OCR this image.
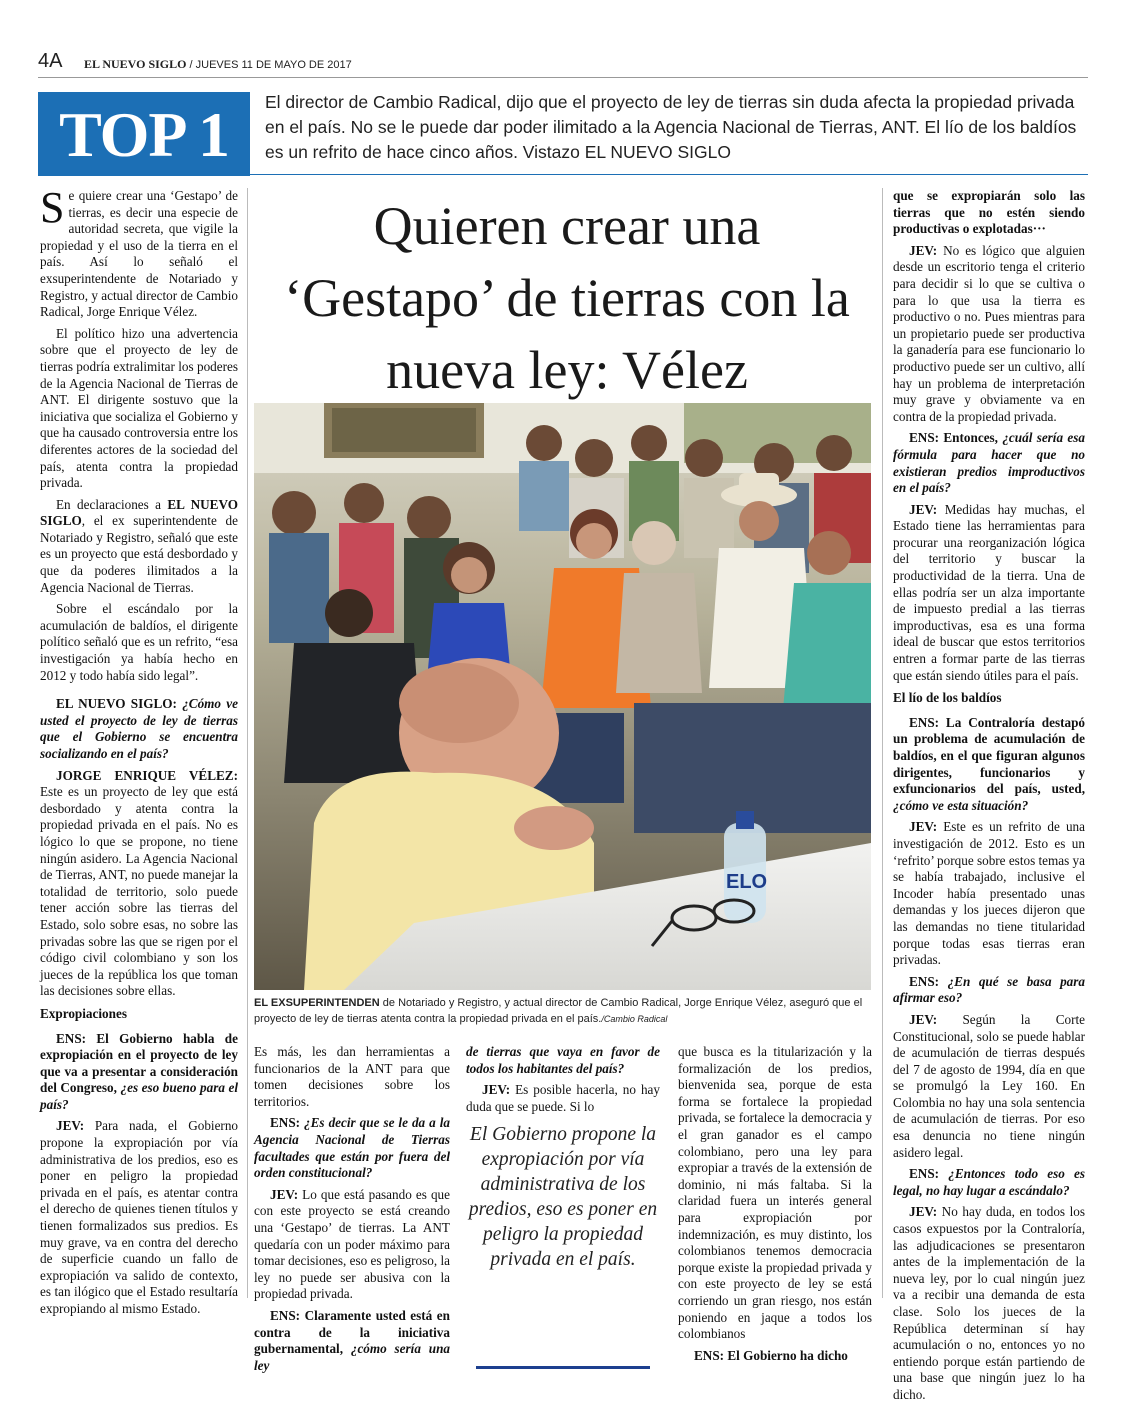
4A EL NUEVO SIGLO / JUEVES 11 DE MAYO DE 2017
TOP 1	El director de Cambio Radical, dijo que el proyecto de ley de tierras sin duda afecta la propiedad privada en el país. No se le puede dar poder ilimitado a la Agencia Nacional de Tierras, ANT. El lío de los baldíos es un refrito de hace cinco años. Vistazo EL NUEVO SIGLO

Se quiere crear una ‘Gestapo’ de tierras, es decir una especie de autoridad secreta, que vigile la propiedad y el uso de la tierra en el país. Así lo señaló el exsuperintendente de Notariado y Registro, y actual director de Cambio Radical, Jorge Enrique Vélez.

El político hizo una advertencia sobre que el proyecto de ley de tierras podría extralimitar los poderes de la Agencia Nacional de Tierras de ANT. El dirigente sostuvo que la iniciativa que socializa el Gobierno y que ha causado controversia entre los diferentes actores de la sociedad del país, atenta contra la propiedad privada.

En declaraciones a EL NUEVO SIGLO, el ex superintendente de Notariado y Registro, señaló que este es un proyecto que está desbordado y que da poderes ilimitados a la Agencia Nacional de Tierras.

Sobre el escándalo por la acumulación de baldíos, el dirigente político señaló que es un refrito, “esa investigación ya había hecho en 2012 y todo había sido legal”.

EL NUEVO SIGLO: ¿Cómo ve usted el proyecto de ley de tierras que el Gobierno se encuentra socializando en el país?

JORGE ENRIQUE VÉLEZ: Este es un proyecto de ley que está desbordado y atenta contra la propiedad privada en el país. No es lógico lo que se propone, no tiene ningún asidero. La Agencia Nacional de Tierras, ANT, no puede manejar la totalidad de territorio, solo puede tener acción sobre las tierras del Estado, solo sobre esas, no sobre las privadas sobre las que se rigen por el código civil colombiano y son los jueces de la república los que toman las decisiones sobre ellas.

Expropiaciones

ENS: El Gobierno habla de expropiación en el proyecto de ley que va a presentar a consideración del Congreso, ¿es eso bueno para el país?

JEV: Para nada, el Gobierno propone la expropiación por vía administrativa de los predios, eso es poner en peligro la propiedad privada en el país, es atentar contra el derecho de quienes tienen títulos y tienen formalizados sus predios. Es muy grave, va en contra del derecho de superficie cuando un fallo de expropiación va salido de contexto, es tan ilógico que el Estado resultaría expropiando al mismo Estado.

Quieren crear una ‘Gestapo’ de tierras con la nueva ley: Vélez
ELO
EL EXSUPERINTENDEN de Notariado y Registro, y actual director de Cambio Radical, Jorge Enrique Vélez, aseguró que el proyecto de ley de tierras atenta contra la propiedad privada en el país./Cambio Radical

Es más, les dan herramientas a funcionarios de la ANT para que tomen decisiones sobre los territorios.

ENS: ¿Es decir que se le da a la Agencia Nacional de Tierras facultades que están por fuera del orden constitucional?

JEV: Lo que está pasando es que con este proyecto se está creando una ‘Gestapo’ de tierras. La ANT quedaría con un poder máximo para tomar decisiones, eso es peligroso, la ley no puede ser abusiva con la propiedad privada.

ENS: Claramente usted está en contra de la iniciativa gubernamental, ¿cómo sería una ley

de tierras que vaya en favor de todos los habitantes del país?

JEV: Es posible hacerla, no hay duda que se puede. Si lo

El Gobierno propone la expropiación por vía administrativa de los predios, eso es poner en peligro la propiedad privada en el país.

que busca es la titularización y la formalización de los predios, bienvenida sea, porque de esta forma se fortalece la propiedad privada, se fortalece la democracia y el gran ganador es el campo colombiano, pero una ley para expropiar a través de la extensión de dominio, ni más faltaba. Si la claridad fuera un interés general para expropiación por indemnización, es muy distinto, los colombianos tenemos democracia porque existe la propiedad privada y con este proyecto de ley se está corriendo un gran riesgo, nos están poniendo en jaque a todos los colombianos

ENS: El Gobierno ha dicho

que se expropiarán solo las tierras que no estén siendo productivas o explotadas···

JEV: No es lógico que alguien desde un escritorio tenga el criterio para decidir si lo que se cultiva o para lo que usa la tierra es productivo o no. Pues mientras para un propietario puede ser productiva la ganadería para ese funcionario lo productivo puede ser un cultivo, allí hay un problema de interpretación muy grave y obviamente va en contra de la propiedad privada.

ENS: Entonces, ¿cuál sería esa fórmula para hacer que no existieran predios improductivos en el país?

JEV: Medidas hay muchas, el Estado tiene las herramientas para procurar una reorganización lógica del territorio y buscar la productividad de la tierra. Una de ellas podría ser un alza importante de impuesto predial a las tierras improductivas, esa es una forma ideal de buscar que estos territorios entren a formar parte de las tierras que están siendo útiles para el país.

El lío de los baldíos

ENS: La Contraloría destapó un problema de acumulación de baldíos, en el que figuran algunos dirigentes, funcionarios y exfuncionarios del país, usted, ¿cómo ve esta situación?

JEV: Este es un refrito de una investigación de 2012. Esto es un ‘refrito’ porque sobre estos temas ya se había trabajado, inclusive el Incoder había presentado unas demandas y los jueces dijeron que las demandas no tiene titularidad porque todas esas tierras eran privadas.

ENS: ¿En qué se basa para afirmar eso?

JEV: Según la Corte Constitucional, solo se puede hablar de acumulación de tierras después del 7 de agosto de 1994, día en que se promulgó la Ley 160. En Colombia no hay una sola sentencia de acumulación de tierras. Por eso esa denuncia no tiene ningún asidero legal.

ENS: ¿Entonces todo eso es legal, no hay lugar a escándalo?

JEV: No hay duda, en todos los casos expuestos por la Contraloría, las adjudicaciones se presentaron antes de la implementación de la nueva ley, por lo cual ningún juez va a recibir una demanda de esta clase. Solo los jueces de la República determinan sí hay acumulación o no, entonces yo no entiendo porque están partiendo de una base que ningún juez lo ha dicho.
